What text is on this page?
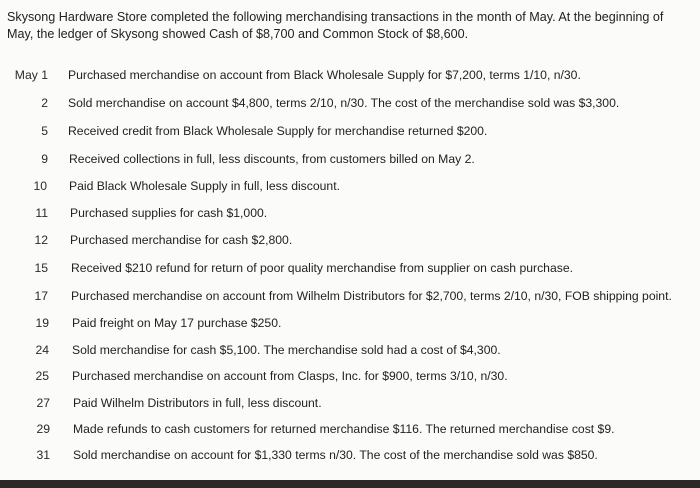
Skysong Hardware Store completed the following merchandising transactions in the month of May. At the beginning of May, the ledger of Skysong showed Cash of $8,700 and Common Stock of $8,600.
May 1 Purchased merchandise on account from Black Wholesale Supply for $7,200, terms 1/10, n/30.
2 Sold merchandise on account $4,800, terms 2/10, n/30. The cost of the merchandise sold was $3,300.
5 Received credit from Black Wholesale Supply for merchandise returned $200.
9 Received collections in full, less discounts, from customers billed on May 2.
10 Paid Black Wholesale Supply in full, less discount.
11 Purchased supplies for cash $1,000.
12 Purchased merchandise for cash $2,800.
15 Received $210 refund for return of poor quality merchandise from supplier on cash purchase.
17 Purchased merchandise on account from Wilhelm Distributors for $2,700, terms 2/10, n/30, FOB shipping point.
19 Paid freight on May 17 purchase $250.
24 Sold merchandise for cash $5,100. The merchandise sold had a cost of $4,300.
25 Purchased merchandise on account from Clasps, Inc. for $900, terms 3/10, n/30.
27 Paid Wilhelm Distributors in full, less discount.
29 Made refunds to cash customers for returned merchandise $116. The returned merchandise cost $9.
31 Sold merchandise on account for $1,330 terms n/30. The cost of the merchandise sold was $850.
